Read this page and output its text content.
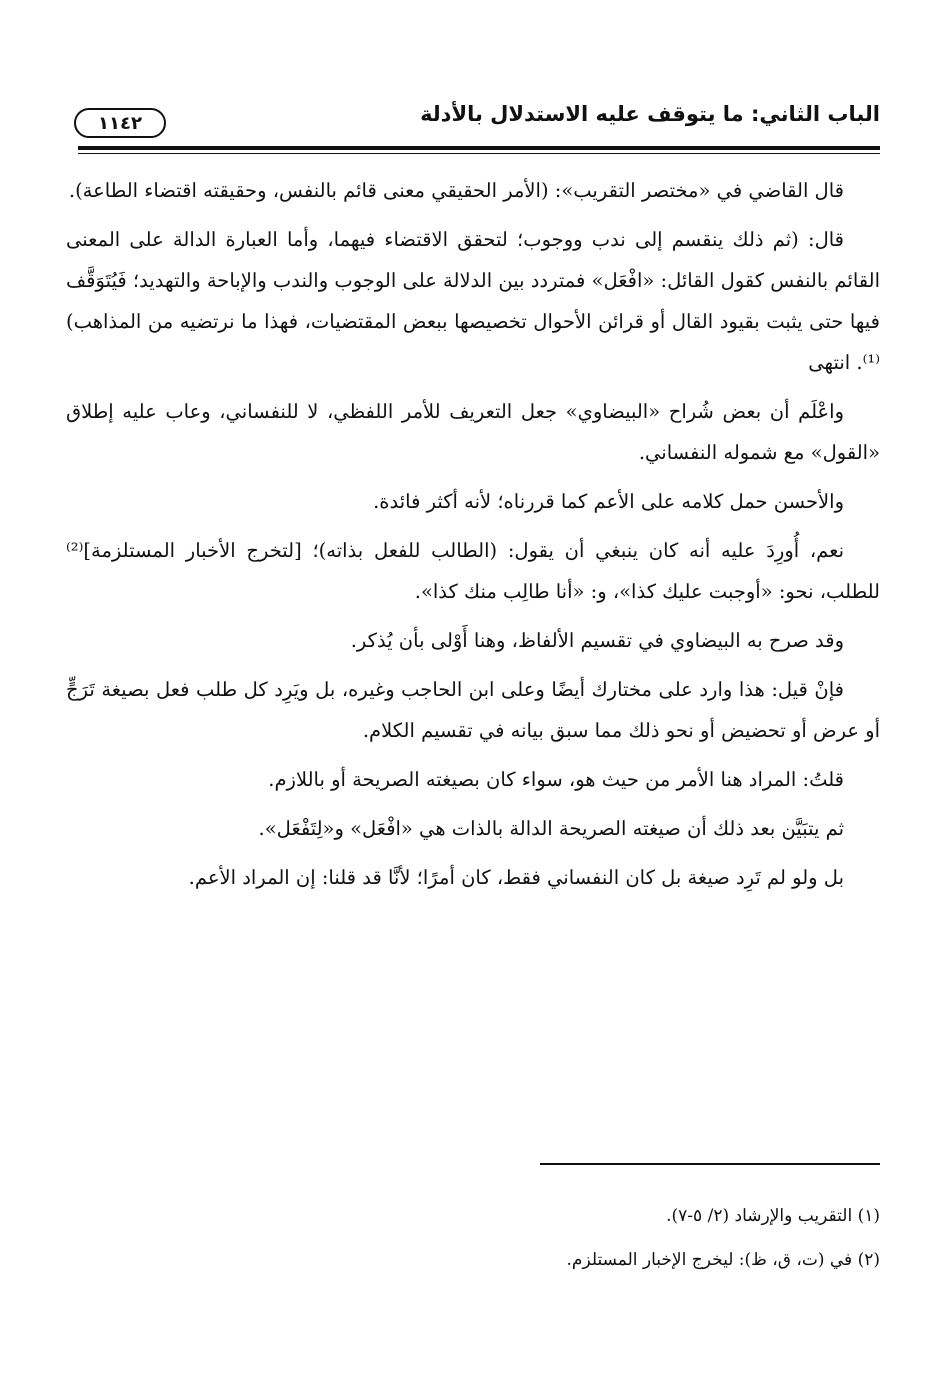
الباب الثاني: ما يتوقف عليه الاستدلال بالأدلة
١١٤٢

قال القاضي في «مختصر التقريب»: (الأمر الحقيقي معنى قائم بالنفس، وحقيقته اقتضاء الطاعة).

قال: (ثم ذلك ينقسم إلى ندب ووجوب؛ لتحقق الاقتضاء فيهما، وأما العبارة الدالة على المعنى القائم بالنفس كقول القائل: «افْعَل» فمتردد بين الدلالة على الوجوب والندب والإباحة والتهديد؛ فَيُتَوَقَّف فيها حتى يثبت بقيود القال أو قرائن الأحوال تخصيصها ببعض المقتضيات، فهذا ما نرتضيه من المذاهب)⁽¹⁾. انتهى

واعْلَم أن بعض شُراح «البيضاوي» جعل التعريف للأمر اللفظي، لا للنفساني، وعاب عليه إطلاق «القول» مع شموله النفساني.

والأحسن حمل كلامه على الأعم كما قررناه؛ لأنه أكثر فائدة.

نعم، أُورِدَ عليه أنه كان ينبغي أن يقول: (الطالب للفعل بذاته)؛ [لتخرج الأخبار المستلزمة]⁽²⁾ للطلب، نحو: «أوجبت عليك كذا»، و: «أنا طالِب منك كذا».

وقد صرح به البيضاوي في تقسيم الألفاظ، وهنا أَوْلى بأن يُذكر.

فإنْ قيل: هذا وارد على مختارك أيضًا وعلى ابن الحاجب وغيره، بل ويَرِد كل طلب فعل بصيغة تَرَجٍّ أو عرض أو تحضيض أو نحو ذلك مما سبق بيانه في تقسيم الكلام.

قلتُ: المراد هنا الأمر من حيث هو، سواء كان بصيغته الصريحة أو باللازم.

ثم يتبَيَّن بعد ذلك أن صيغته الصريحة الدالة بالذات هي «افْعَل» و«لِتَفْعَل».

بل ولو لم تَرِد صيغة بل كان النفساني فقط، كان أمرًا؛ لأنَّا قد قلنا: إن المراد الأعم.

(١) التقريب والإرشاد (٢/ ٥-٧).

(٢) في (ت، ق، ظ): ليخرج الإخبار المستلزم.
